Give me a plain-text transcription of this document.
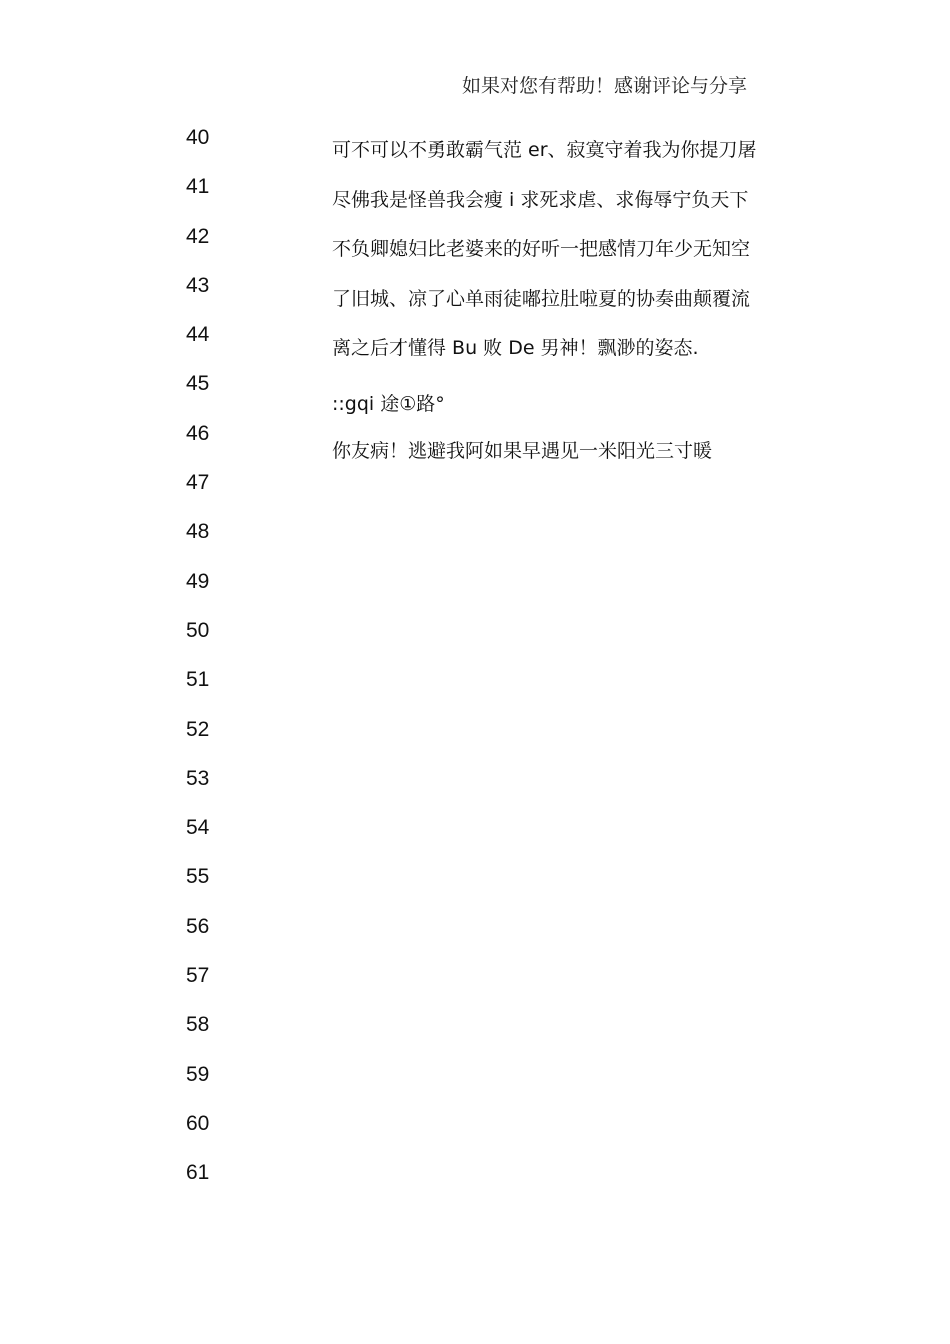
如果对您有帮助！感谢评论与分享
40
41
42
43
44
45
46
47
48
49
50
51
52
53
54
55
56
57
58
59
60
61
可不可以不勇敢霸气范 er、寂寞守着我为你提刀屠
尽佛我是怪兽我会瘦 i 求死求虐、求侮辱宁负天下
不负卿媳妇比老婆来的好听一把感情刀年少无知空
了旧城、凉了心单雨徒嘟拉肚啦夏的协奏曲颠覆流
离之后才懂得 Bu 败 De 男神！飘渺的姿态.
::gqi 途①路°
你友病！逃避我阿如果早遇见一米阳光三寸暖
